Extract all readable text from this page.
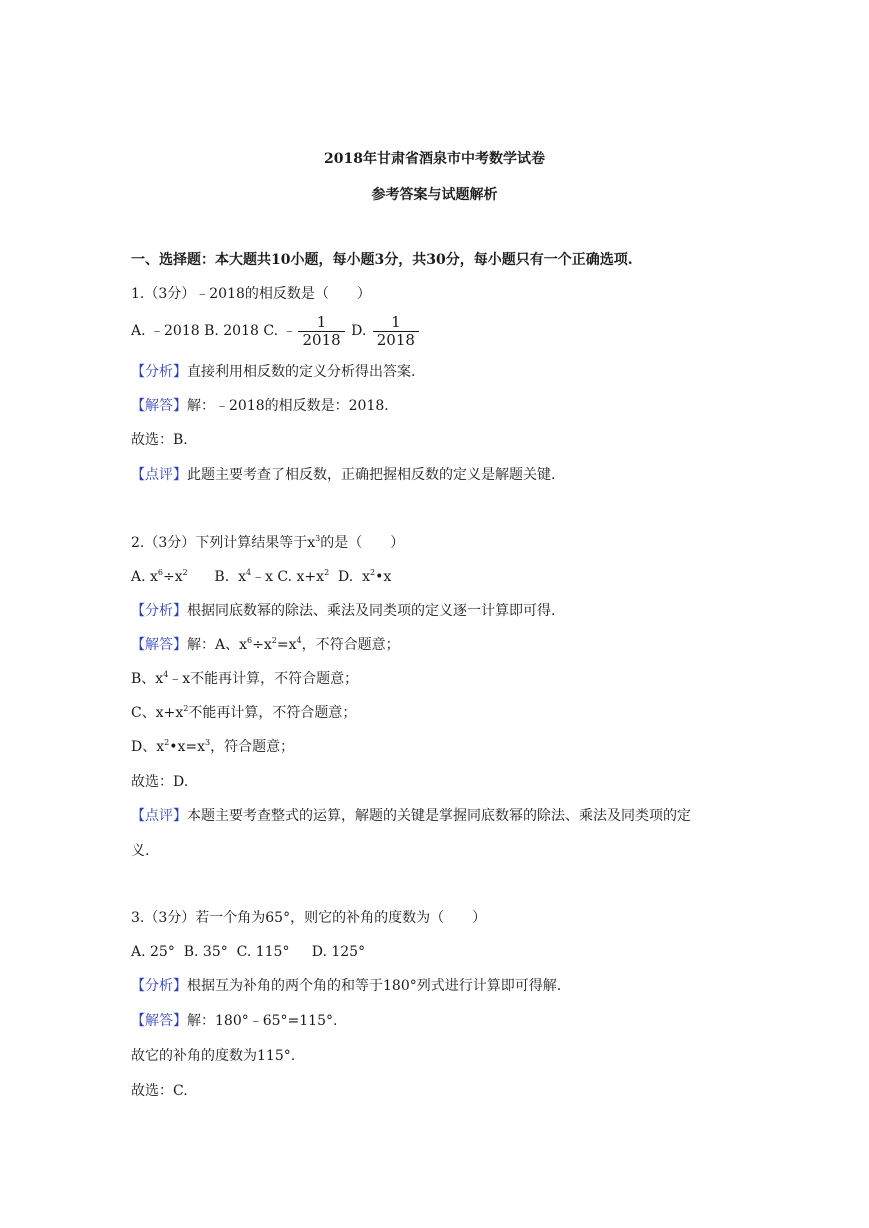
2018年甘肃省酒泉市中考数学试卷
参考答案与试题解析
一、选择题：本大题共10小题，每小题3分，共30分，每小题只有一个正确选项.
1.（3分）﹣2018的相反数是（　　）
A. ﹣2018 B. 2018 C. ﹣ $\frac{1}{2018} D$. $\frac{1}{2018}$
【分析】直接利用相反数的定义分析得出答案.
【解答】解：﹣2018的相反数是：2018.
故选：B.
【点评】此题主要考查了相反数，正确把握相反数的定义是解题关键.
2.（3分）下列计算结果等于$x^3$的是（　　）
A. $x^6\div x^2$      B.  $x^4﹣x$ C. $x+x^2$  D.  $x^2•x$
【分析】根据同底数幂的除法、乘法及同类项的定义逐一计算即可得.
【解答】解：A、$x^6\div x^2=x^4$，不符合题意；
B、$x^4﹣x$不能再计算，不符合题意；
C、$x+x^2$不能再计算，不符合题意；
D、$x^2•x=x^3$，符合题意；
故选：D.
【点评】本题主要考查整式的运算，解题的关键是掌握同底数幂的除法、乘法及同类项的定
义.
3.（3分）若一个角为65°，则它的补角的度数为（　　）
A. 25°  B. 35°  C. 115°     D. 125°
【分析】根据互为补角的两个角的和等于180°列式进行计算即可得解.
【解答】解：180°﹣65°=115°.
故它的补角的度数为115°.
故选：C.
